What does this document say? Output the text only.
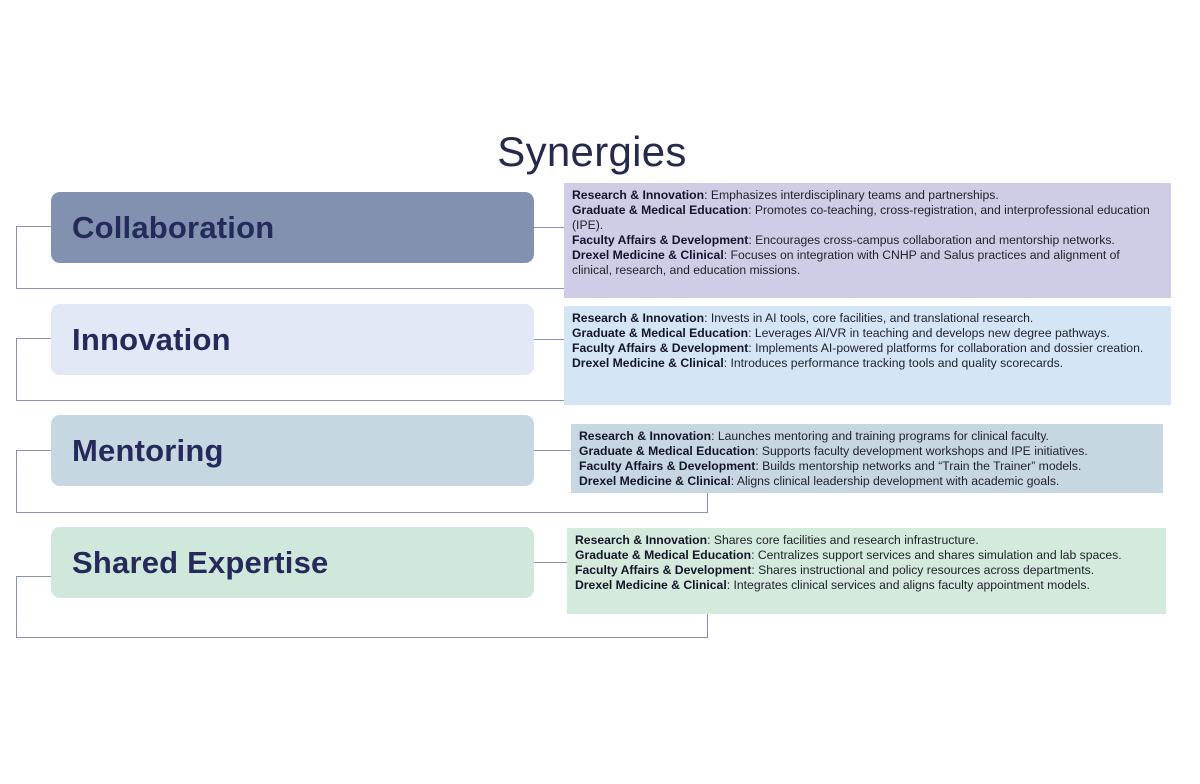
Synergies
Collaboration
Research & Innovation: Emphasizes interdisciplinary teams and partnerships.
Graduate & Medical Education: Promotes co-teaching, cross-registration, and interprofessional education (IPE).
Faculty Affairs & Development: Encourages cross-campus collaboration and mentorship networks.
Drexel Medicine & Clinical: Focuses on integration with CNHP and Salus practices and alignment of clinical, research, and education missions.
Innovation
Research & Innovation: Invests in AI tools, core facilities, and translational research.
Graduate & Medical Education: Leverages AI/VR in teaching and develops new degree pathways.
Faculty Affairs & Development: Implements AI-powered platforms for collaboration and dossier creation.
Drexel Medicine & Clinical: Introduces performance tracking tools and quality scorecards.
Mentoring	Research & Innovation: Launches mentoring and training programs for clinical faculty.
Graduate & Medical Education: Supports faculty development workshops and IPE initiatives.
Faculty Affairs & Development: Builds mentorship networks and “Train the Trainer” models.
Drexel Medicine & Clinical: Aligns clinical leadership development with academic goals.
Shared Expertise
Research & Innovation: Shares core facilities and research infrastructure.
Graduate & Medical Education: Centralizes support services and shares simulation and lab spaces.
Faculty Affairs & Development: Shares instructional and policy resources across departments.
Drexel Medicine & Clinical: Integrates clinical services and aligns faculty appointment models.
